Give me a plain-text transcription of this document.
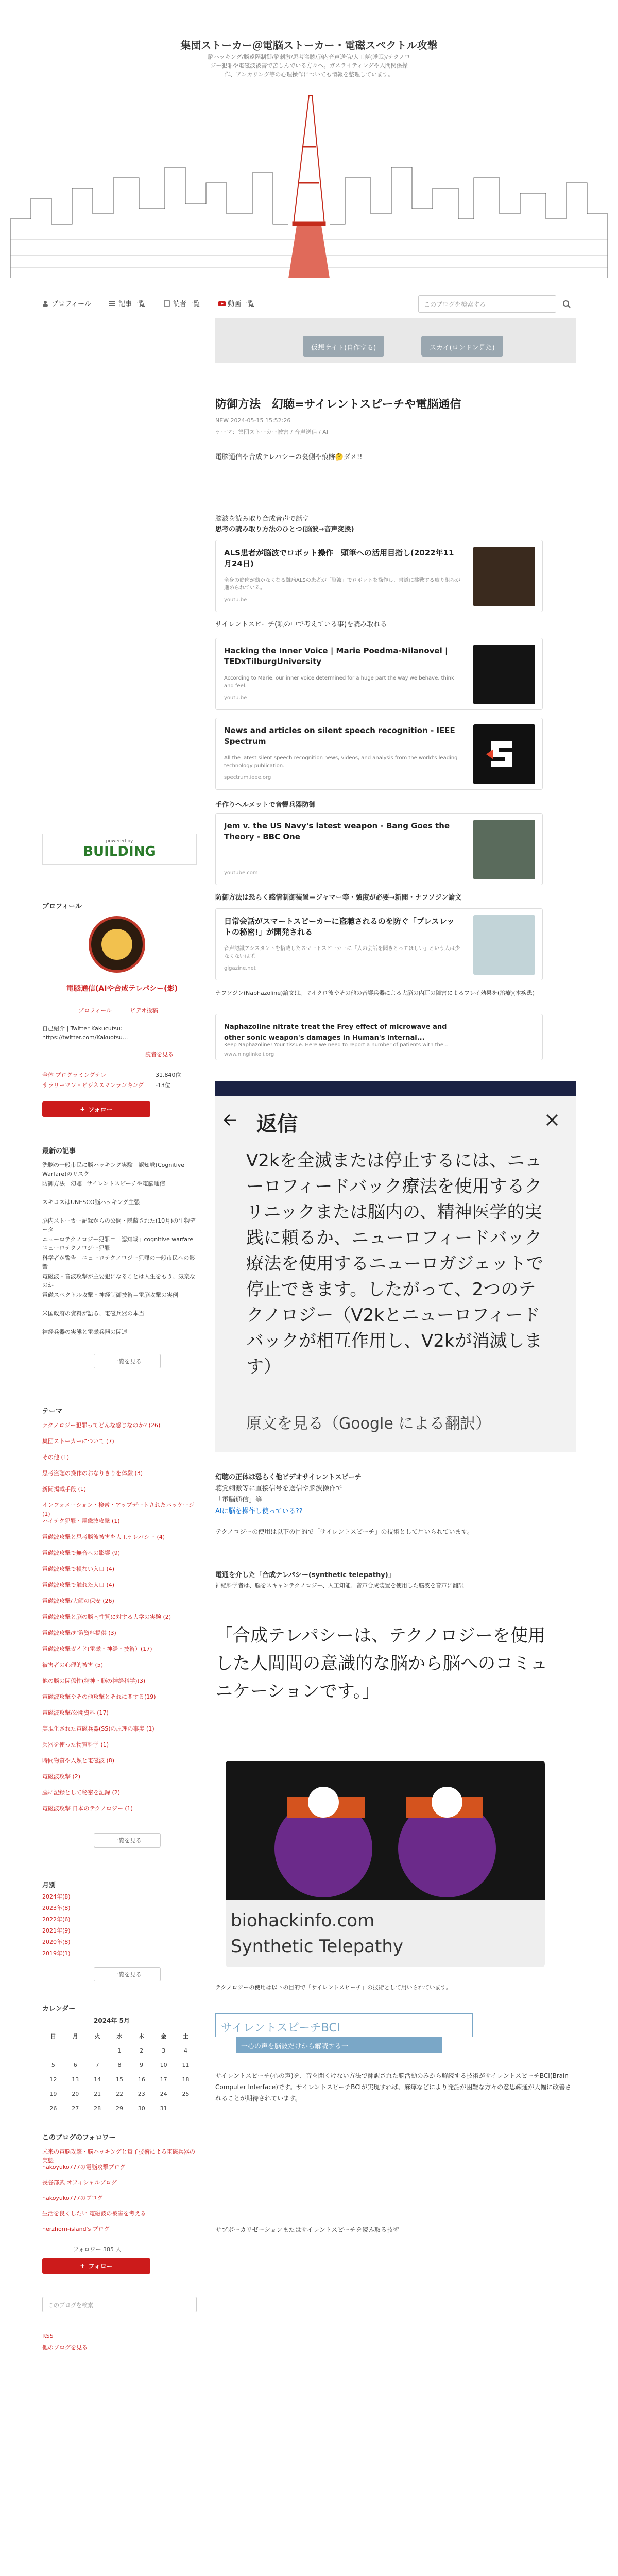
集団ストーカー＠電脳ストーカー・電磁スペクトル攻撃
脳ハッキング/脳遠隔制御/脳刺激/思考盗聴/脳内音声送信/人工夢(睡眠)/テクノロジー犯罪や電磁波被害で苦しんでいる方々へ。ガスライティングや人間関係操作、アンカリング等の心理操作についても情報を整理しています。
プロフィール	記事一覧	読者一覧	動画一覧	このブログを検索する
仮想サイト(自作する)	スカイ(ロンドン見た)
防御方法　幻聴=サイレントスピーチや電脳通信
NEW 2024-05-15 15:52:26
テーマ：集団ストーカー被害 / 音声送信 / AI
電脳通信や合成テレパシーの裏側や痕跡🤔ダメ!!
脳波を読み取り合成音声で話す
思考の読み取り方法のひとつ(脳波→音声変換)
ALS患者が脳波でロボット操作　頭筆への活用目指し(2022年11月24日)
全身の筋肉が動かなくなる難病ALSの患者が「脳波」でロボットを操作し、書道に挑戦する取り組みが進められている。
youtu.be
サイレントスピーチ(頭の中で考えている事)を読み取れる
Hacking the Inner Voice | Marie Poedma-Nilanovel | TEDxTilburgUniversity
According to Marie, our inner voice determined for a huge part the way we behave, think and feel.
youtu.be
News and articles on silent speech recognition - IEEE Spectrum
All the latest silent speech recognition news, videos, and analysis from the world's leading technology publication.
spectrum.ieee.org
手作りヘルメットで音響兵器防御
Jem v. the US Navy's latest weapon - Bang Goes the Theory - BBC One
youtube.com
防御方法は恐らく感情制御装置＝ジャマー等・強度が必要→新聞・ナフソジン論文
日常会話がスマートスピーカーに盗聴されるのを防ぐ「プレスレットの秘密!」が開発される
音声認識アシスタントを搭載したスマートスピーカーに「人の会話を聞きとってほしい」という人は少なくないはず。
gigazine.net
ナフソジン(Naphazoline)論文は、マイクロ波やその他の音響兵器による大脳の内耳の障害によるフレイ効果を(治療)(本疾患)
Naphazoline nitrate treat the Frey effect of microwave and other sonic weapon's damages in Human's internal...
Keep Naphazoline! Your tissue. Here we need to report a number of patients with the...
www.ninglinkeli.org
返信
V2kを全滅または停止するには、ニューロフィードバック療法を使用するクリニックまたは脳内の、精神医学的実践に頼るか、ニューロフィードバック療法を使用するニューロガジェットで停止できます。したがって、2つのテクノロジー（V2kとニューロフィードバックが相互作用し、V2kが消滅します）
原文を見る（Google による翻訳）
幻聴の正体は恐らく他ビデオサイレントスピーチ
聴覚刺激等に直接信号を送信や脳波操作で
「電脳通信」等
AIに脳を操作し使っている??
テクノロジーの使用は以下の目的で「サイレントスピーチ」の技術として用いられています。
電通を介した「合成テレパシー(synthetic telepathy)」
神経科学者は、脳をスキャンテクノロジー、人工知能、音声合成装置を使用した脳波を音声に翻訳
「合成テレパシーは、テクノロジーを使用した人間間の意識的な脳から脳へのコミュニケーションです。」
biohackinfo.com
Synthetic Telepathy
テクノロジーの使用は以下の目的で「サイレントスピーチ」の技術として用いられています。
サイレントスピーチBCI
一心の声を脳波だけから解読する一
サイレントスピーチ(心の声)を、音を聞くけない方法で翻訳された脳活動のみから解読する技術がサイレントスピーチBCI(Brain-Computer Interface)です。サイレントスピーチBCIが実現すれば、麻痺などにより発話が困難な方々の意思疎通が大幅に改善されることが期待されています。
サブボーカリゼーションまたはサイレントスピーチを読み取る技術
powered by
BUILDING
プロフィール
電脳通信(AIや合成テレパシー(影)
プロフィール	ビデオ投稿
自己紹介 | Twitter Kakucutsu: https://twitter.com/Kakuotsu...
読者を見る
全体 プログラミングテレ	31,840位
サラリーマン・ビジネスマンランキング -13位
+ フォロー
最新の記事
洗脳の一般市民に脳ハッキング実験　認知戦(Cognitive Warfare)のリスク
防御方法　幻聴=サイレントスピーチや電脳通信
スキコスはUNESCO脳ハッキング主張
脳内ストーカー記録からの公開・隠蔽された(10月)の生物データ
ニューロテクノロジー犯罪＝「認知戦」cognitive warfare　ニューロテクノロジー犯罪
科学者が警告　ニューロテクノロジー犯罪の一般市民への影響
電磁波・音波攻撃が主要犯になることは人生をもう、気楽なのか
電磁スペクトル攻撃・神経制御技術＝電脳攻撃の実例
米国政府の資料が語る、電磁兵器の本当
神経兵器の実態と電磁兵器の関連
一覧を見る
テーマ
テクノロジー犯罪ってどんな感じなのか? (26)
集団ストーカーについて (7)
その他 (1)
思考盗聴の操作のおなりきりを体験 (3)
新聞掲載手段 (1)
インフォメーション・検索・アップデートされたパッケージ(1)
ハイテク犯罪・電磁波攻撃 (1)
電磁波攻撃と思考脳波被害を人工テレパシー (4)
電磁波攻撃で無音への影響 (9)
電磁波攻撃で損ない入口 (4)
電磁波攻撃で触れた人口 (4)
電磁波攻撃/大師の保安 (26)
電磁波攻撃と脳の脳内性質に対する大学の実験 (2)
電磁波攻撃/対策資料提供 (3)
電磁波攻撃ガイド(電磁・神経・技術）(17)
被害者の心理的被害 (5)
他の脳の関係性(精神・脳の神経科学)(3)
電磁波攻撃やその他攻撃とそれに関する(19)
電磁波攻撃/公開資料 (17)
実現化された電磁兵器(SS)の原理の事実 (1)
兵器を使った物質科学 (1)
時間物質や人類と電磁波 (8)
電磁波攻撃 (2)
脳に記録として秘密を記録 (2)
電磁波攻撃 日本のテクノロジー (1)
一覧を見る
月別
2024年(8)
2023年(8)
2022年(6)
2021年(9)
2020年(8)
2019年(1)
一覧を見る
カレンダー
2024年 5月
日	月	火	水	木	金	土
			1	2	3	4
5	6	7	8	9	10	11
12	13	14	15	16	17	18
19	20	21	22	23	24	25
26	27	28	29	30	31	
このブログのフォロワー
未来の電脳攻撃・脳ハッキングと量子技術による電磁兵器の実態
nakoyuko777の電脳攻撃ブログ
長谷部武 オフィシャルブログ
nakoyuko777のブログ
生活を良くしたい 電磁波の被害を考える
herzhorn-island's ブログ
フォロワー 385 人
+ フォロー
このブログを検索
RSS
他のブログを見る
